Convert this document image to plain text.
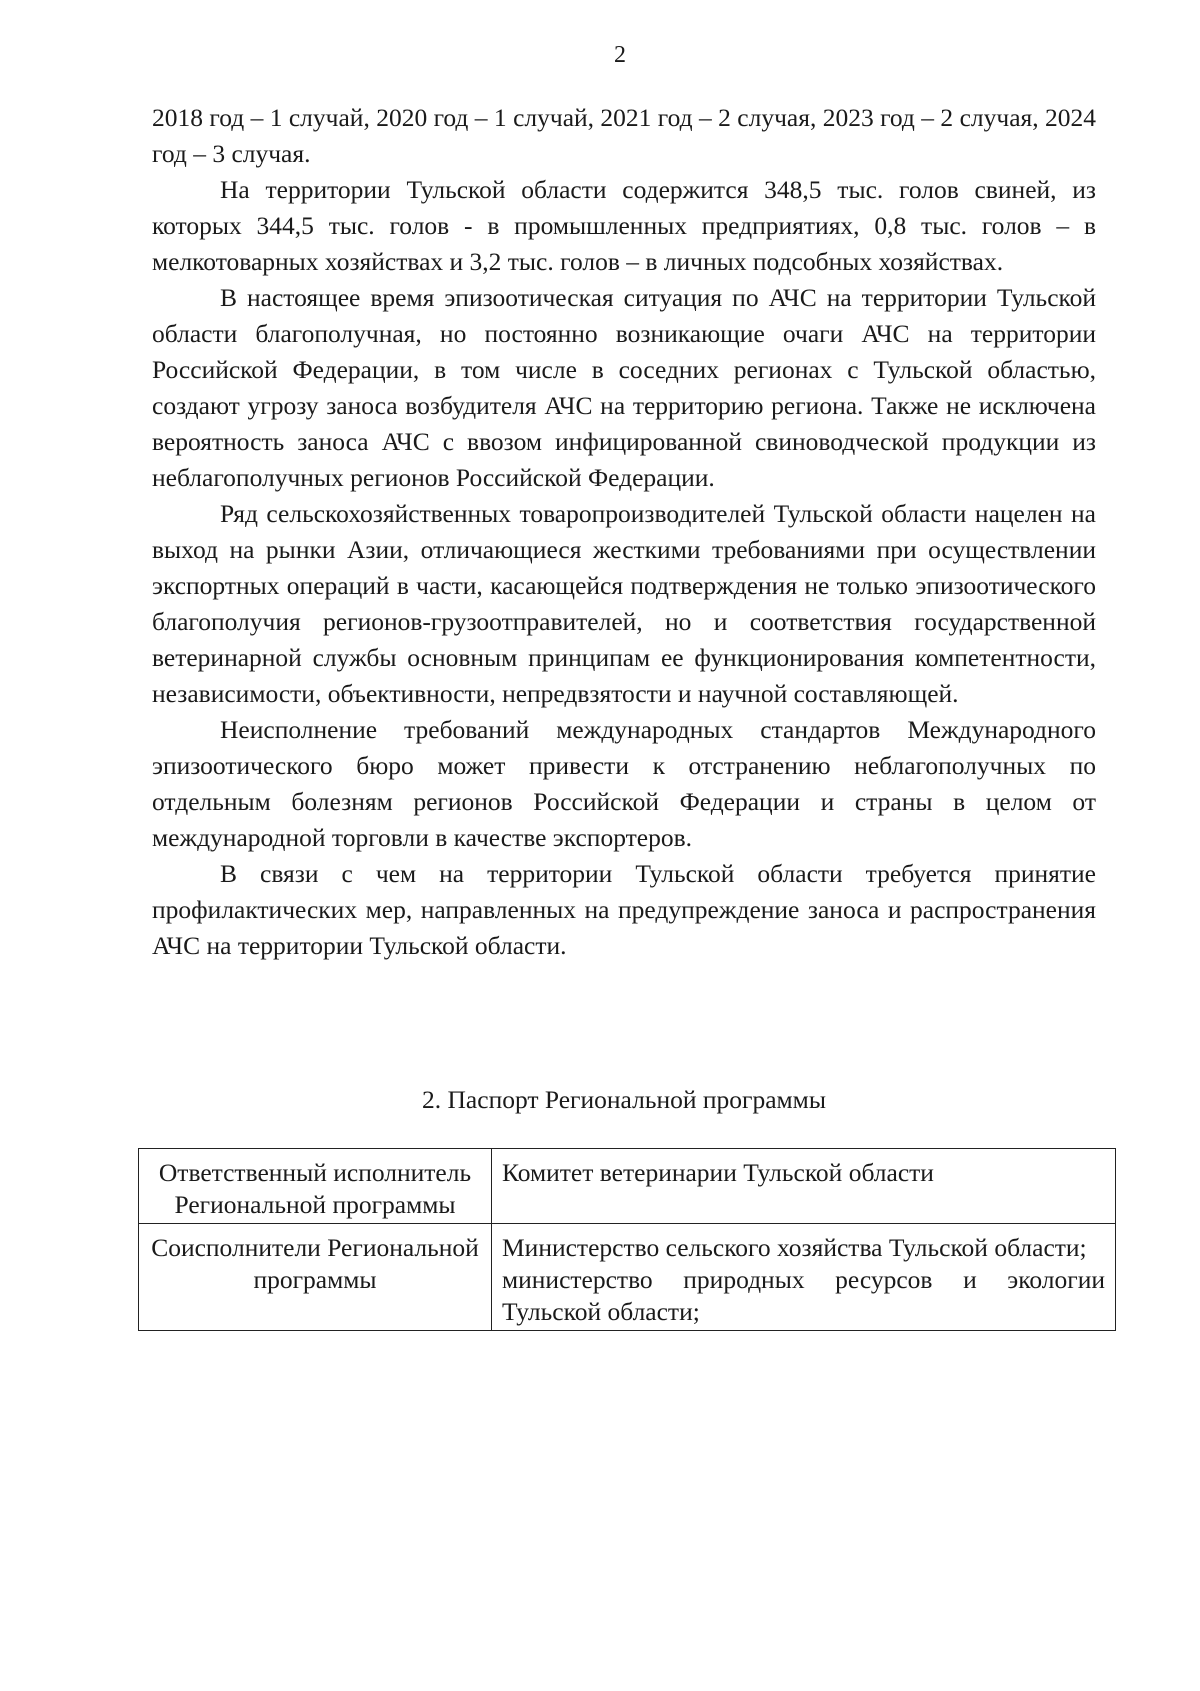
2

2018 год – 1 случай, 2020 год – 1 случай, 2021 год – 2 случая, 2023 год – 2 случая, 2024 год – 3 случая.

На территории Тульской области содержится 348,5 тыс. голов свиней, из которых 344,5 тыс. голов - в промышленных предприятиях, 0,8 тыс. голов – в мелкотоварных хозяйствах и 3,2 тыс. голов – в личных подсобных хозяйствах.

В настоящее время эпизоотическая ситуация по АЧС на территории Тульской области благополучная, но постоянно возникающие очаги АЧС на территории Российской Федерации, в том числе в соседних регионах с Тульской областью, создают угрозу заноса возбудителя АЧС на территорию региона. Также не исключена вероятность заноса АЧС с ввозом инфицированной свиноводческой продукции из неблагополучных регионов Российской Федерации.

Ряд сельскохозяйственных товаропроизводителей Тульской области нацелен на выход на рынки Азии, отличающиеся жесткими требованиями при осуществлении экспортных операций в части, касающейся подтверждения не только эпизоотического благополучия регионов-грузоотправителей, но и соответствия государственной ветеринарной службы основным принципам ее функционирования компетентности, независимости, объективности, непредвзятости и научной составляющей.

Неисполнение требований международных стандартов Международного эпизоотического бюро может привести к отстранению неблагополучных по отдельным болезням регионов Российской Федерации и страны в целом от международной торговли в качестве экспортеров.

В связи с чем на территории Тульской области требуется принятие профилактических мер, направленных на предупреждение заноса и распространения АЧС на территории Тульской области.

2. Паспорт Региональной программы
Ответственный исполнитель Региональной программы	Комитет ветеринарии Тульской области

Соисполнители Региональной программы	Министерство сельского хозяйства Тульской области;
министерство природных ресурсов и экологии Тульской области;
